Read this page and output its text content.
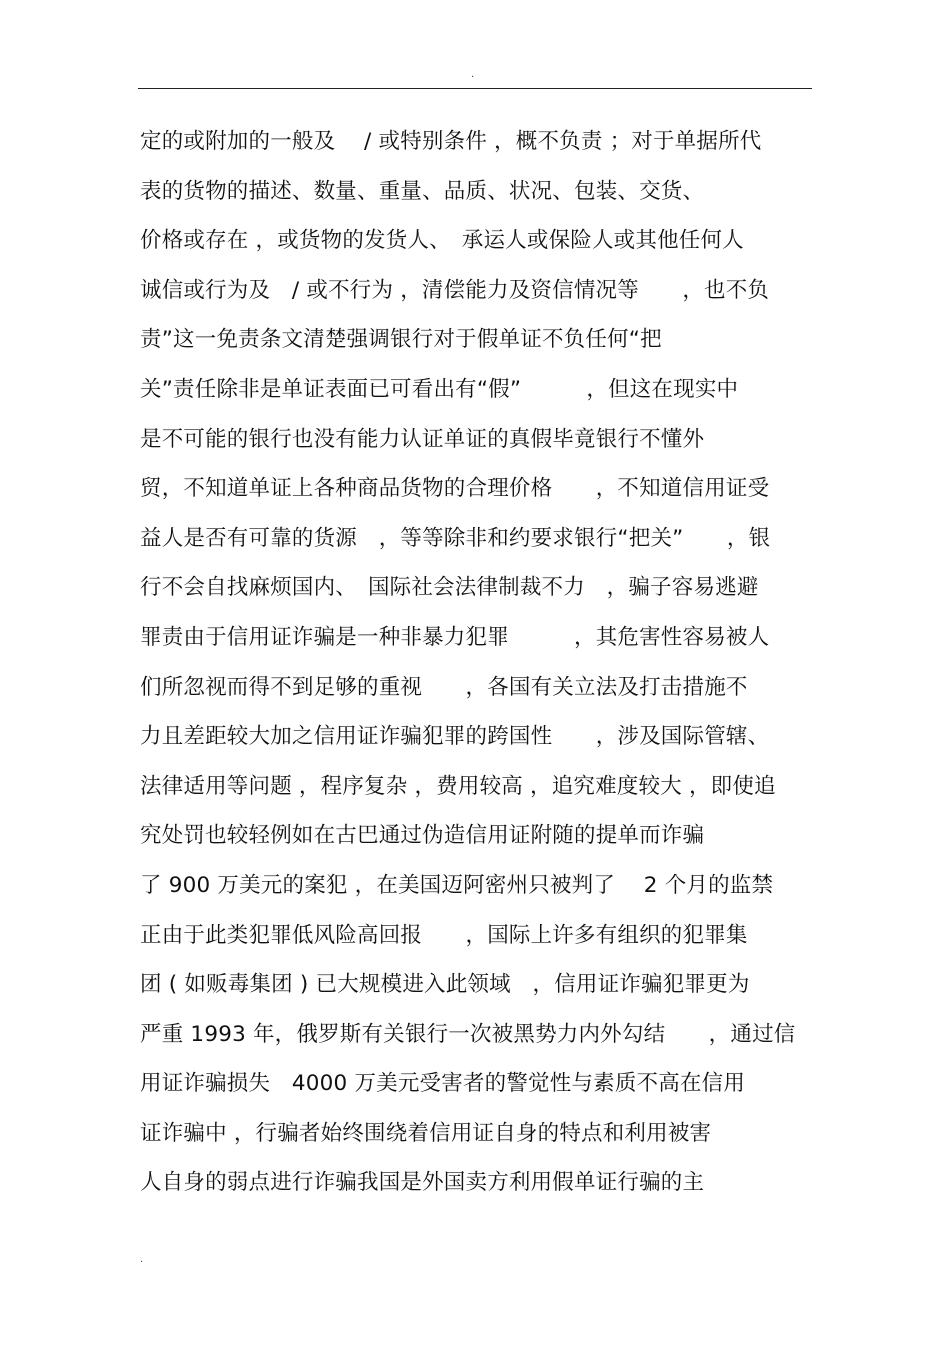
.
定的或附加的一般及　 / 或特别条件 ，概不负责 ；对于单据所代
表的货物的描述、数量、重量、品质、状况、包装、交货、
价格或存在 ，或货物的发货人、　承运人或保险人或其他任何人
诚信或行为及　/ 或不行为 ，清偿能力及资信情况等　　，也不负
责”这一免责条文清楚强调银行对于假单证不负任何“把
关”责任除非是单证表面已可看出有“假”　　　，但这在现实中
是不可能的银行也没有能力认证单证的真假毕竟银行不懂外
贸，不知道单证上各种商品货物的合理价格　　，不知道信用证受
益人是否有可靠的货源　，等等除非和约要求银行“把关”　　，银
行不会自找麻烦国内、　国际社会法律制裁不力　，骗子容易逃避
罪责由于信用证诈骗是一种非暴力犯罪　　　，其危害性容易被人
们所忽视而得不到足够的重视　　，各国有关立法及打击措施不
力且差距较大加之信用证诈骗犯罪的跨国性　　，涉及国际管辖、
法律适用等问题 ，程序复杂 ，费用较高 ，追究难度较大 ，即使追
究处罚也较轻例如在古巴通过伪造信用证附随的提单而诈骗
了 900 万美元的案犯 ，在美国迈阿密州只被判了　 2 个月的监禁
正由于此类犯罪低风险高回报　　，国际上许多有组织的犯罪集
团 ( 如贩毒集团 ) 已大规模进入此领域　，信用证诈骗犯罪更为
严重 1993 年，俄罗斯有关银行一次被黑势力内外勾结　　，通过信
用证诈骗损失　4000 万美元受害者的警觉性与素质不高在信用
证诈骗中 ，行骗者始终围绕着信用证自身的特点和利用被害
人自身的弱点进行诈骗我国是外国卖方利用假单证行骗的主
.
